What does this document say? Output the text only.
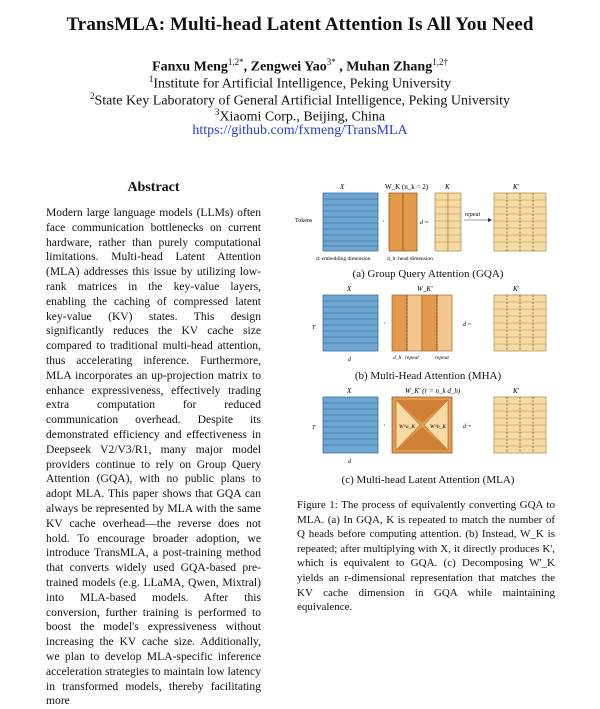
TransMLA: Multi-head Latent Attention Is All You Need
Fanxu Meng$^{1,2*}$, Zengwei Yao$^{3*}$ , Muhan Zhang$^{1,2\dagger}$
$^1$Institute for Artificial Intelligence, Peking University
$^2$State Key Laboratory of General Artificial Intelligence, Peking University
$^3$Xiaomi Corp., Beijing, China
https://github.com/fxmeng/TransMLA
Abstract
Modern large language models (LLMs) often face communication bottlenecks on current hardware, rather than purely computational limitations. Multi-head Latent Attention (MLA) addresses this issue by utilizing low-rank matrices in the key-value layers, enabling the caching of compressed latent key-value (KV) states. This design significantly reduces the KV cache size compared to traditional multi-head attention, thus accelerating inference. Furthermore, MLA incorporates an up-projection matrix to enhance expressiveness, effectively trading extra computation for reduced communication overhead. Despite its demonstrated efficiency and effectiveness in Deepseek V2/V3/R1, many major model providers continue to rely on Group Query Attention (GQA), with no public plans to adopt MLA. This paper shows that GQA can always be represented by MLA with the same KV cache overhead—the reverse does not hold. To encourage broader adoption, we introduce TransMLA, a post-training method that converts widely used GQA-based pre-trained models (e.g. LLaMA, Qwen, Mixtral) into MLA-based models. After this conversion, further training is performed to boost the model's expressiveness without increasing the KV cache size. Additionally, we plan to develop MLA-specific inference acceleration strategies to maintain low latency in transformed models, thereby facilitating more
X	W_K (n_k = 2) K	K'
Tokens	·	d =
repeat
d: embedding dimension	d_h: head dimension
(a) Group Query Attention (GQA)
X	W_K'	K'
T
d
·
d_h repeat	repeat
d =
(b) Multi-Head Attention (MHA)
X	W_K' (r = n_k d_h)	K'
T
d
· W^a_K	W^b_K	d =
(c) Multi-head Latent Attention (MLA)
Figure 1: The process of equivalently converting GQA to MLA. (a) In GQA, K is repeated to match the number of Q heads before computing attention. (b) Instead, W_K is repeated; after multiplying with X, it directly produces K', which is equivalent to GQA. (c) Decomposing W'_K yields an r-dimensional representation that matches the KV cache dimension in GQA while maintaining equivalence.
